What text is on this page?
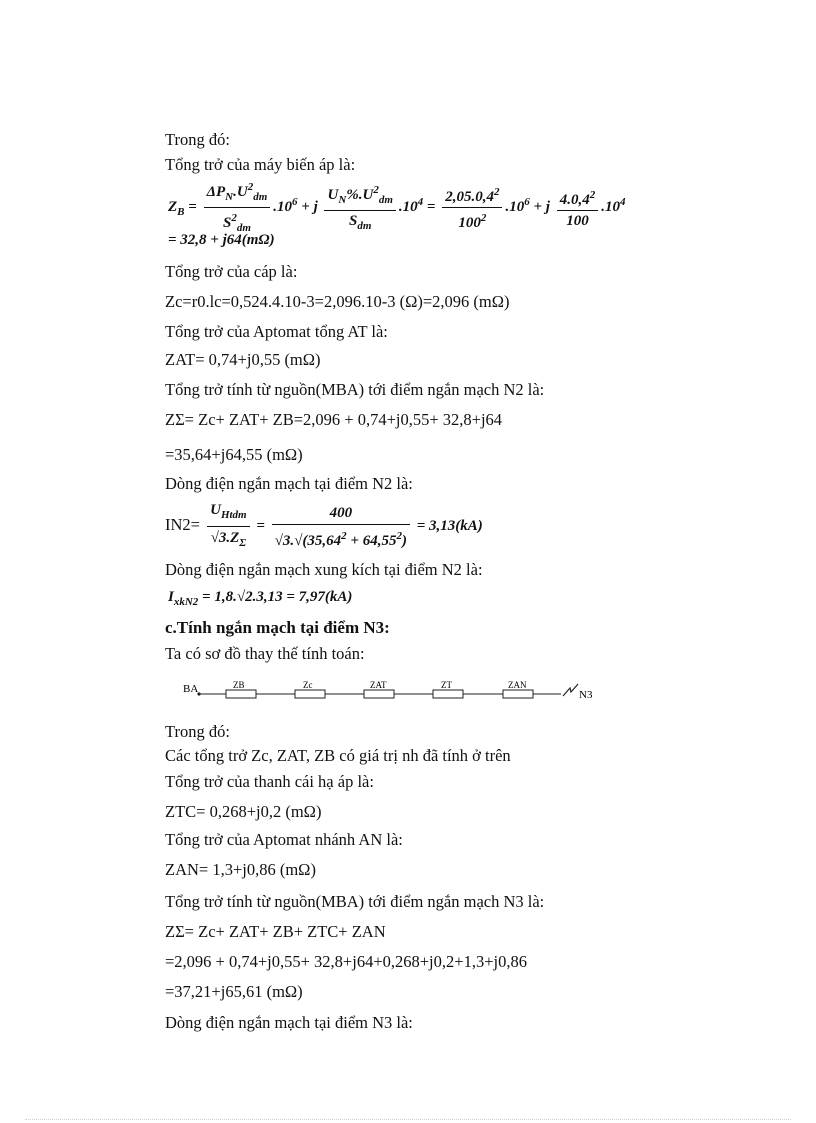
Trong đó:
Tổng trở của máy biến áp là:
$Z_B = \frac{\Delta P_N.U^2_{dm}}{S^2_{dm}} .10^6 + j \frac{U_N\%.U^2_{dm}}{S_{dm}} .10^4 = \frac{2,05.0,4^2}{100^2} .10^6 + j \frac{4.0,4^2}{100} .10^4$
= 32,8 + j64(mΩ)
Tổng trở của cáp là:
Zc=r0.lc=0,524.4.10-3=2,096.10-3 (Ω)=2,096 (mΩ)
Tổng trở của Aptomat tổng AT là:
ZAT= 0,74+j0,55 (mΩ)
Tổng trở tính từ nguồn(MBA) tới điểm ngắn mạch N2 là:
ZΣ= Zc+ ZAT+ ZB=2,096 + 0,74+j0,55+ 32,8+j64
=35,64+j64,55 (mΩ)
Dòng điện ngắn mạch tại điểm N2 là:
$IN2= \frac{U_{Htdm}}{√3.Z_\Sigma} = \frac{400}{√3.√(35,64^2 + 64,55^2)} = 3,13(kA)$
Dòng điện ngắn mạch xung kích tại điểm N2 là:
$I_{xkN2} = 1,8.√2.3,13 = 7,97(kA)$
c.Tính ngắn mạch tại điểm N3:
Ta có sơ đồ thay thế tính toán:
BA	ZB	Zc	ZAT	ZT	ZAN
N3
Trong đó:
Các tổng trở Zc, ZAT, ZB có giá trị nh đã tính ở trên
Tổng trở của thanh cái hạ áp là:
ZTC= 0,268+j0,2 (mΩ)
Tổng trở của Aptomat nhánh AN là:
ZAN= 1,3+j0,86 (mΩ)
Tổng trở tính từ nguồn(MBA) tới điểm ngắn mạch N3 là:
ZΣ= Zc+ ZAT+ ZB+ ZTC+ ZAN
=2,096 + 0,74+j0,55+ 32,8+j64+0,268+j0,2+1,3+j0,86
=37,21+j65,61 (mΩ)
Dòng điện ngắn mạch tại điểm N3 là:
